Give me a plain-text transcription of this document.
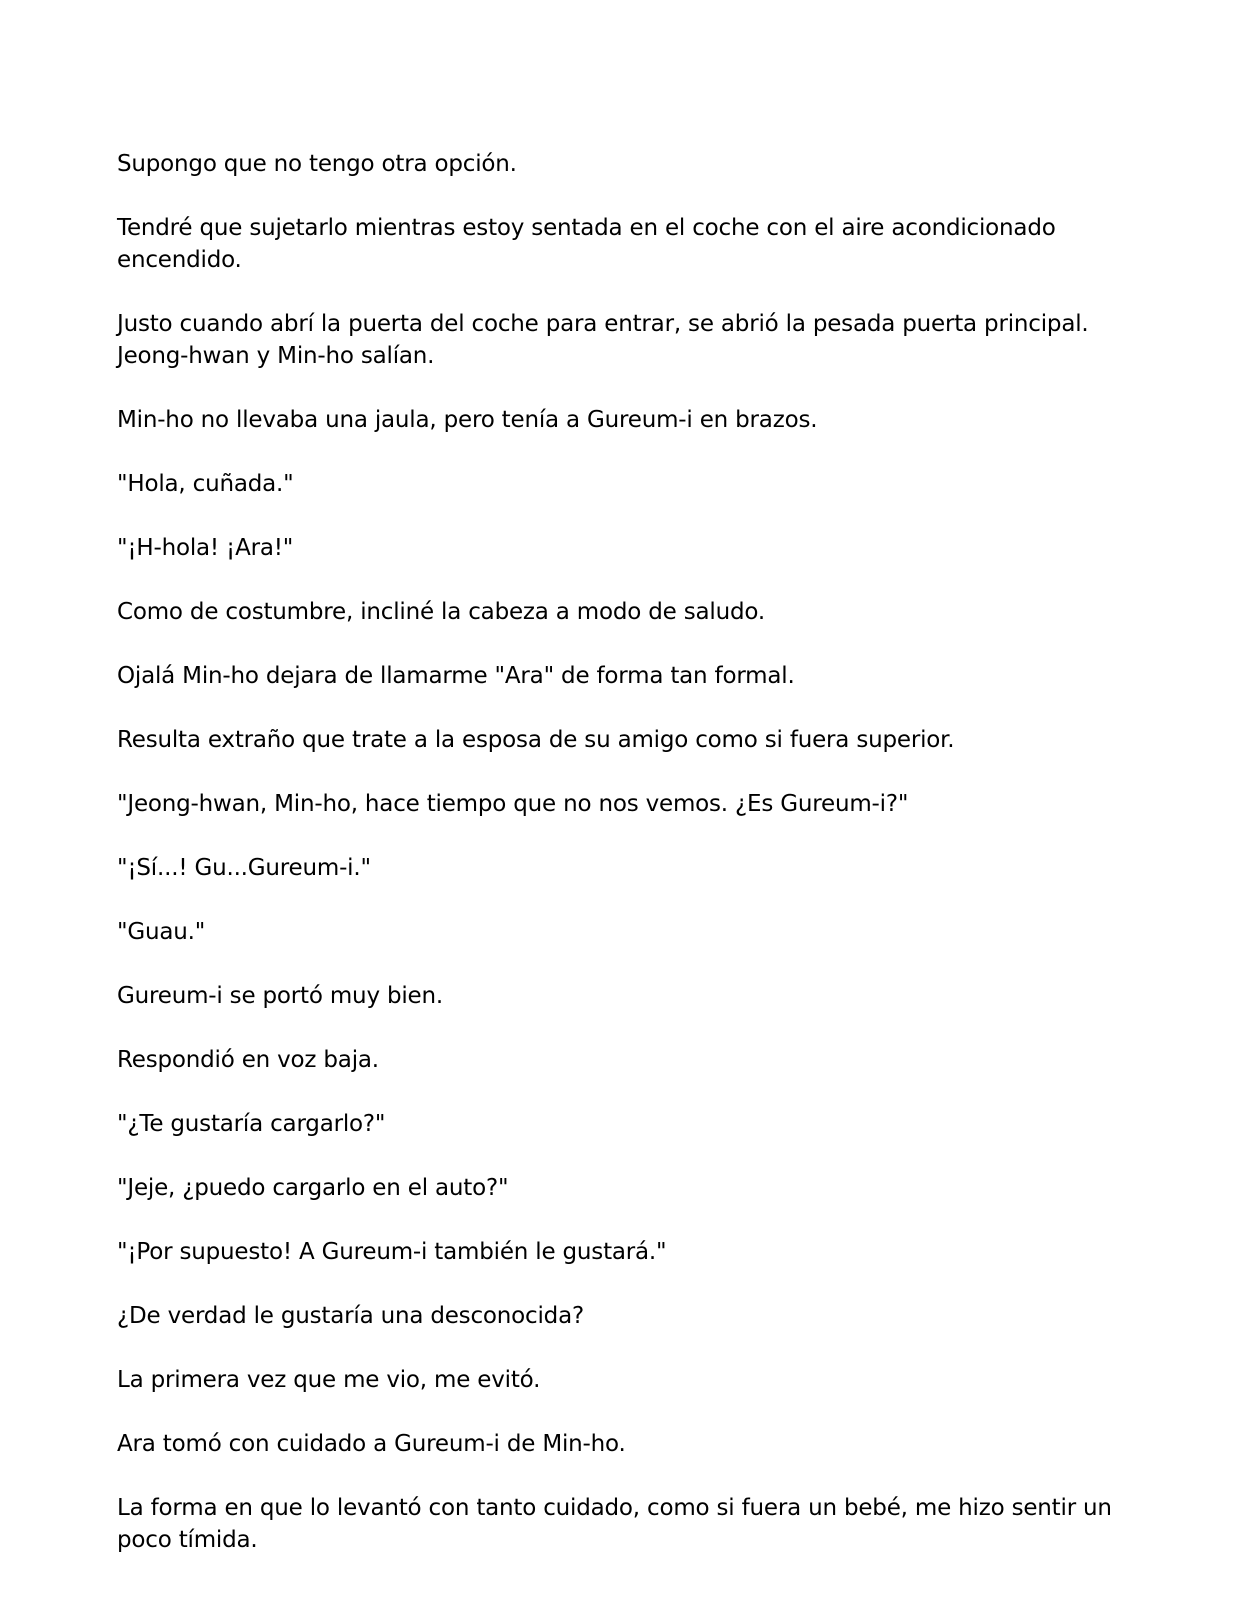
Supongo que no tengo otra opción.

Tendré que sujetarlo mientras estoy sentada en el coche con el aire acondicionado encendido.

Justo cuando abrí la puerta del coche para entrar, se abrió la pesada puerta principal. Jeong-hwan y Min-ho salían.

Min-ho no llevaba una jaula, pero tenía a Gureum-i en brazos.

"Hola, cuñada."

"¡H-hola! ¡Ara!"

Como de costumbre, incliné la cabeza a modo de saludo.

Ojalá Min-ho dejara de llamarme "Ara" de forma tan formal.

Resulta extraño que trate a la esposa de su amigo como si fuera superior.

"Jeong-hwan, Min-ho, hace tiempo que no nos vemos. ¿Es Gureum-i?"

"¡Sí...! Gu...Gureum-i."

"Guau."

Gureum-i se portó muy bien.

Respondió en voz baja.

"¿Te gustaría cargarlo?"

"Jeje, ¿puedo cargarlo en el auto?"

"¡Por supuesto! A Gureum-i también le gustará."

¿De verdad le gustaría una desconocida?

La primera vez que me vio, me evitó.

Ara tomó con cuidado a Gureum-i de Min-ho.

La forma en que lo levantó con tanto cuidado, como si fuera un bebé, me hizo sentir un poco tímida.
